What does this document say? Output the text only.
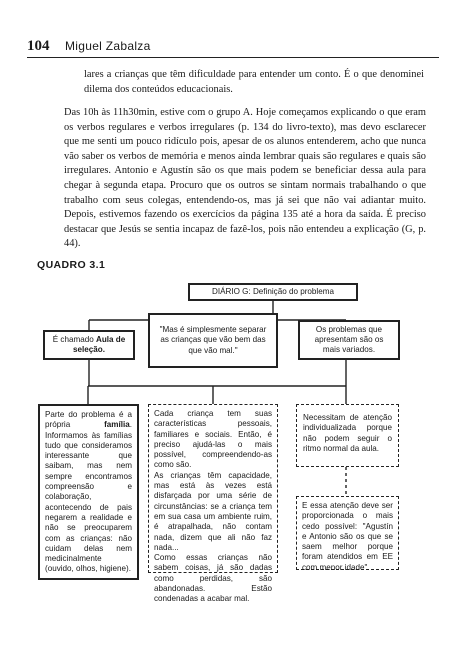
104 Miguel Zabalza
lares a crianças que têm dificuldade para entender um conto. É o que denominei dilema dos conteúdos educacionais.
Das 10h às 11h30min, estive com o grupo A. Hoje começamos explicando o que eram os verbos regulares e verbos irregulares (p. 134 do livro-texto), mas devo esclarecer que me senti um pouco ridículo pois, apesar de os alunos entenderem, acho que nunca vão saber os verbos de memória e menos ainda lembrar quais são regulares e quais são irregulares. Antonio e Agustín são os que mais podem se beneficiar dessa aula para chegar à segunda etapa. Procuro que os outros se sintam normais trabalhando o que trabalho com seus colegas, entendendo-os, mas já sei que não vai adiantar muito. Depois, estivemos fazendo os exercícios da página 135 até a hora da saída. É preciso destacar que Jesús se sentia incapaz de fazê-los, pois não entendeu a explicação (G, p. 44).
QUADRO 3.1
DIÁRIO G: Definição do problema
É chamado Aula de seleção.
"Mas é simplesmente separar as crianças que vão bem das que vão mal."
Os problemas que apresentam são os mais variados.
Parte do problema é a própria família. Informamos às famílias tudo que consideramos interessante que saibam, mas nem sempre encontramos compreensão e colaboração, acontecendo de pais negarem a realidade e não se preocuparem com as crianças: não cuidam delas nem medicinalmente (ouvido, olhos, higiene).
Cada criança tem suas características pessoais, familiares e sociais. Então, é preciso ajudá-las o mais possível, compreendendo-as como são.
As crianças têm capacidade, mas está às vezes está disfarçada por uma série de circunstâncias: se a criança tem em sua casa um ambiente ruim, é atrapalhada, não contam nada, dizem que ali não faz nada...
Como essas crianças não sabem coisas, já são dadas como perdidas, são abandonadas. Estão condenadas a acabar mal.
Necessitam de atenção individualizada porque não podem seguir o ritmo normal da aula.
E essa atenção deve ser proporcionada o mais cedo possível: "Agustín e Antonio são os que se saem melhor porque foram atendidos em EE com menor idade".
